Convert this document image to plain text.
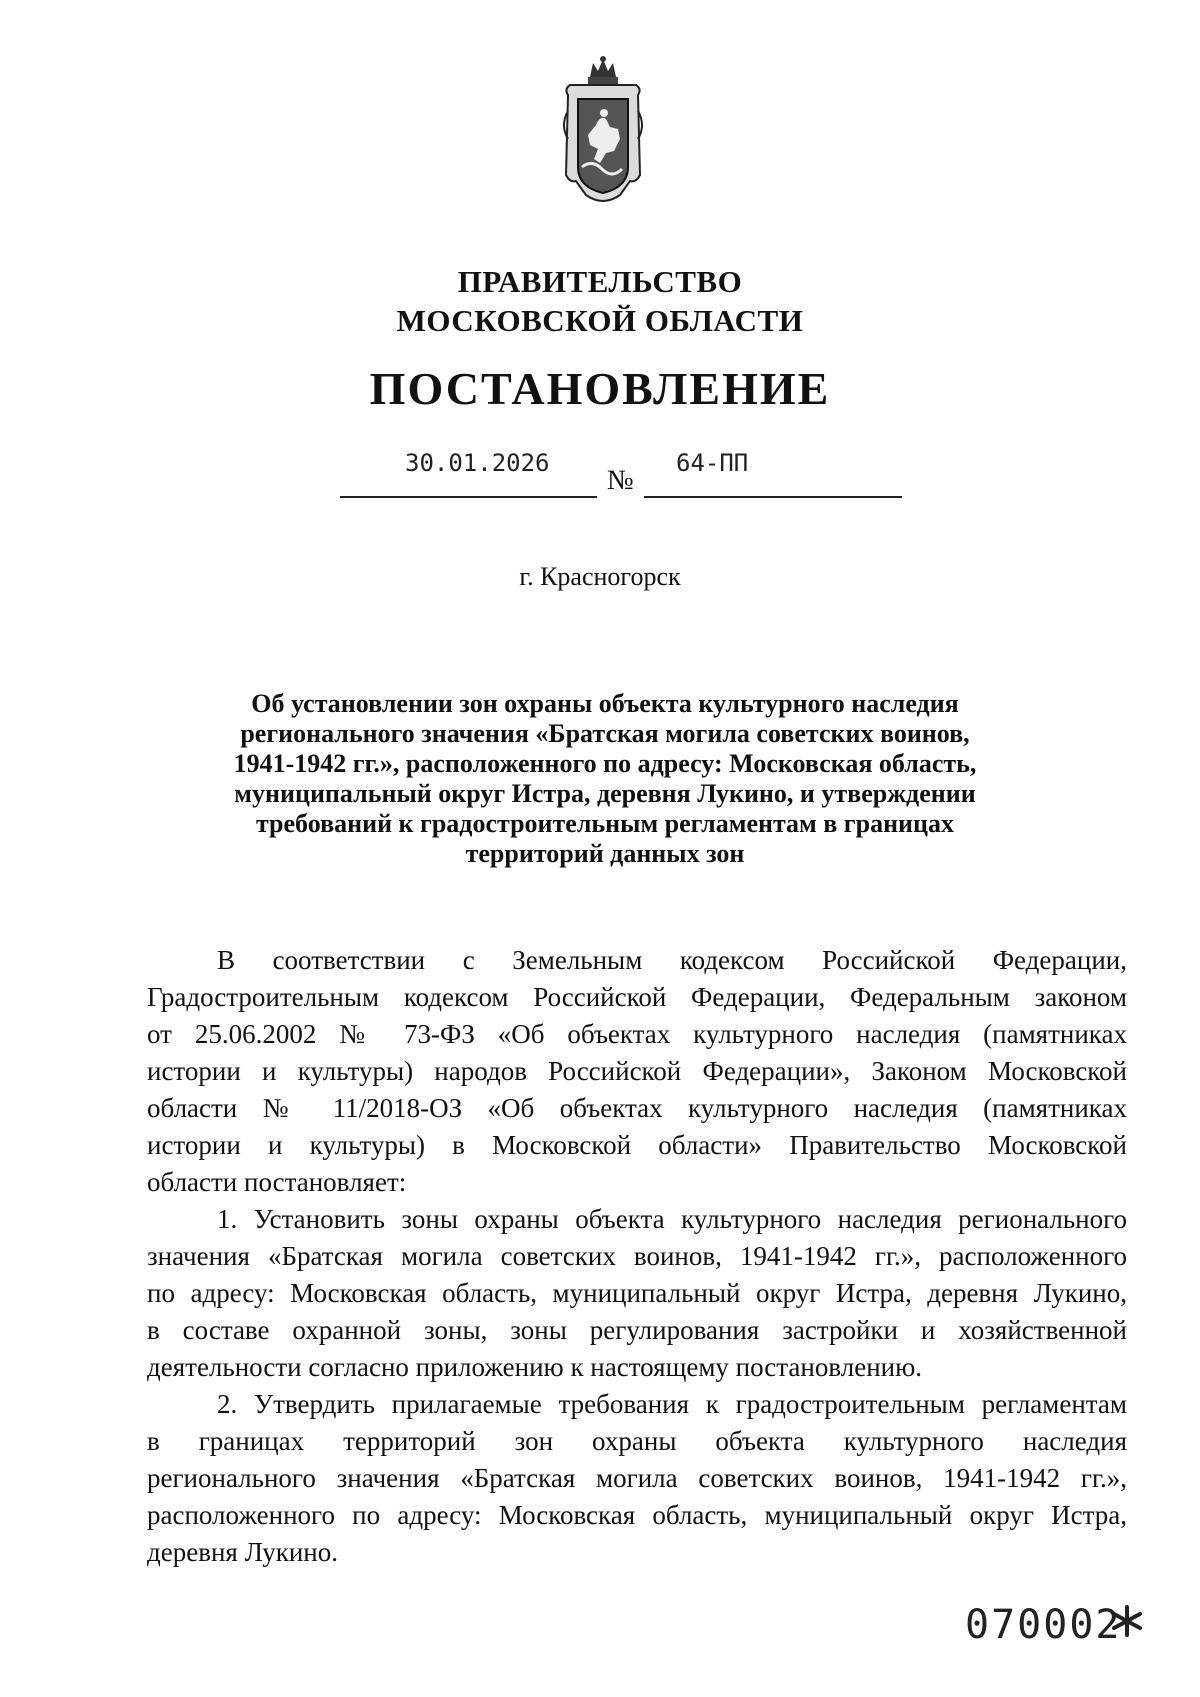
ПРАВИТЕЛЬСТВО
МОСКОВСКОЙ ОБЛАСТИ
ПОСТАНОВЛЕНИЕ
30.01.2026
№
64-ПП
г. Красногорск
Об установлении зон охраны объекта культурного наследия
регионального значения «Братская могила советских воинов,
1941-1942 гг.», расположенного по адресу: Московская область,
муниципальный округ Истра, деревня Лукино, и утверждении
требований к градостроительным регламентам в границах
территорий данных зон
В соответствии с Земельным кодексом Российской Федерации,
Градостроительным кодексом Российской Федерации, Федеральным законом
от 25.06.2002 № 73-ФЗ «Об объектах культурного наследия (памятниках
истории и культуры) народов Российской Федерации», Законом Московской
области № 11/2018-ОЗ «Об объектах культурного наследия (памятниках
истории и культуры) в Московской области» Правительство Московской
области постановляет:
1. Установить зоны охраны объекта культурного наследия регионального
значения «Братская могила советских воинов, 1941-1942 гг.», расположенного
по адресу: Московская область, муниципальный округ Истра, деревня Лукино,
в составе охранной зоны, зоны регулирования застройки и хозяйственной
деятельности согласно приложению к настоящему постановлению.
2. Утвердить прилагаемые требования к градостроительным регламентам
в границах территорий зон охраны объекта культурного наследия
регионального значения «Братская могила советских воинов, 1941-1942 гг.»,
расположенного по адресу: Московская область, муниципальный округ Истра,
деревня Лукино.
070002
